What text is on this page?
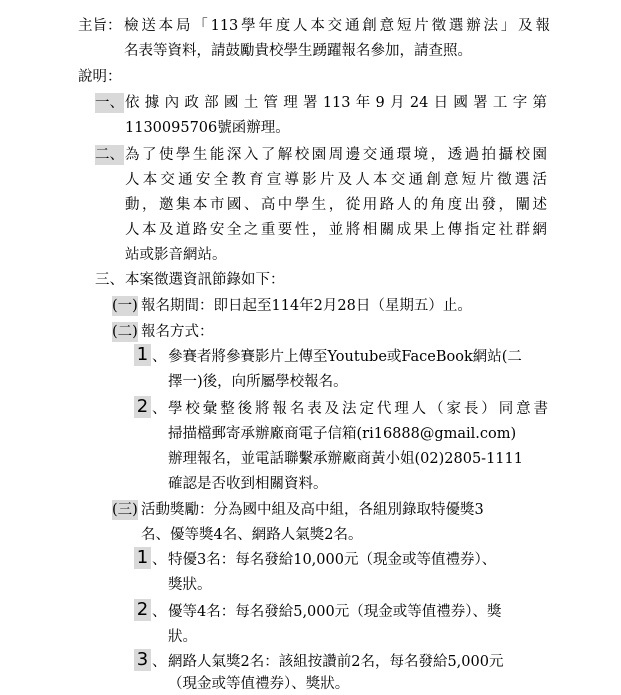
主旨： 檢送本局「113學年度人本交通創意短片徵選辦法」及報
名表等資料，請鼓勵貴校學生踴躍報名參加，請查照。
說明：
一、 依據內政部國土管理署113年9月24日國署工字第
1130095706號函辦理。
二、 為了使學生能深入了解校園周邊交通環境，透過拍攝校園
人本交通安全教育宣導影片及人本交通創意短片徵選活
動，邀集本市國、高中學生，從用路人的角度出發，闡述
人本及道路安全之重要性，並將相關成果上傳指定社群網
站或影音網站。
三、 本案徵選資訊節錄如下：
(一) 報名期間：即日起至114年2月28日（星期五）止。
(二) 報名方式：
1 、 參賽者將參賽影片上傳至Youtube或FaceBook網站(二
擇一)後，向所屬學校報名。
2 、 學校彙整後將報名表及法定代理人（家長）同意書
掃描檔郵寄承辦廠商電子信箱(ri16888@gmail.com)
辦理報名，並電話聯繫承辦廠商黃小姐(02)2805-1111
確認是否收到相關資料。
(三) 活動獎勵：分為國中組及高中組，各組別錄取特優獎3
名、優等獎4名、網路人氣獎2名。
1 、 特優3名：每名發給10,000元（現金或等值禮券）、
獎狀。
2 、 優等4名：每名發給5,000元（現金或等值禮券）、獎
狀。
3 、 網路人氣獎2名：該組按讚前2名，每名發給5,000元
（現金或等值禮券）、獎狀。
